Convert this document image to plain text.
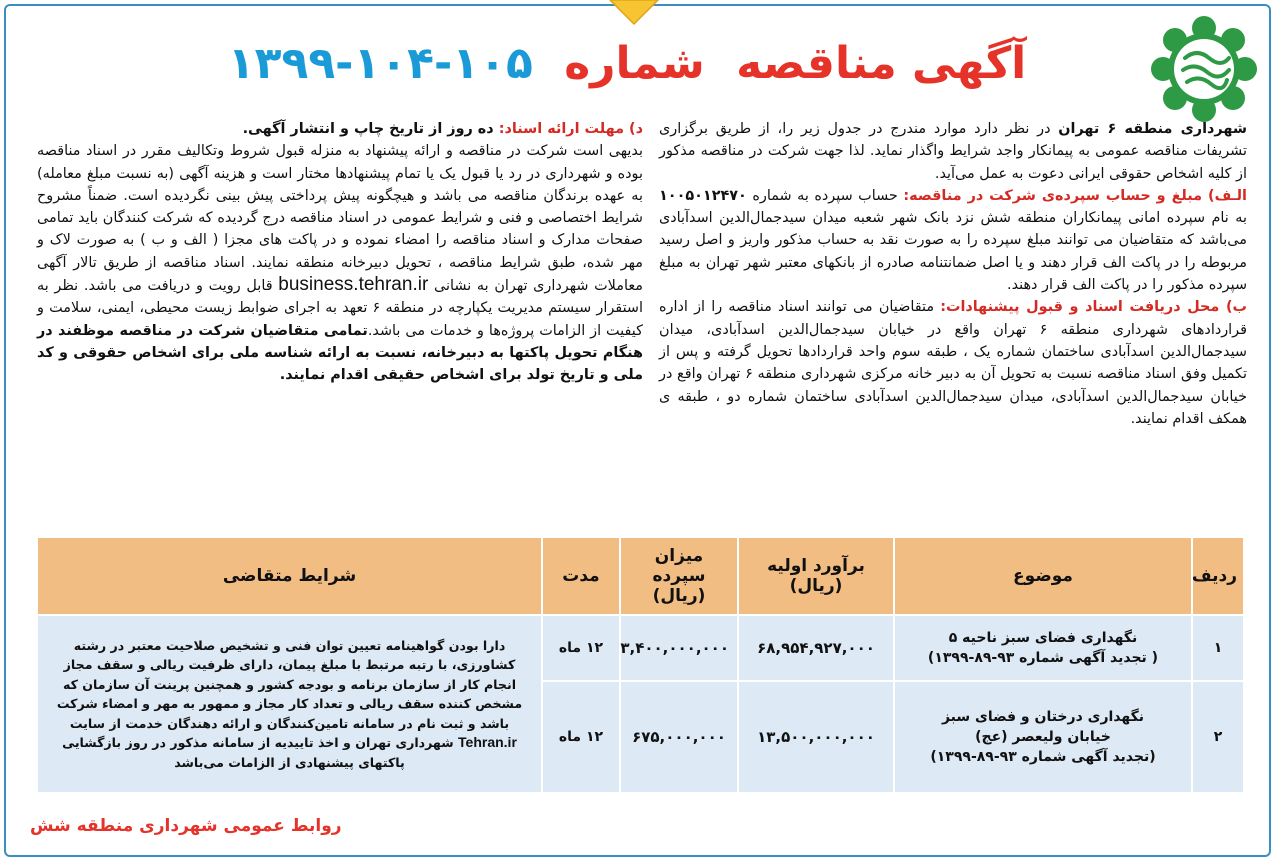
آگهی مناقصه شماره ۱۰۵-۱۰۴-۱۳۹۹

شهرداری منطقه ۶ تهران در نظر دارد موارد مندرج در جدول زیر را، از طریق برگزاری تشریفات مناقصه عمومی به پیمانکار واجد شرایط واگذار نماید. لذا جهت شرکت در مناقصه مذکور از کلیه اشخاص حقوقی ایرانی دعوت به عمل می‌آید.

الـف) مبلغ و حساب سپرده‌ی شرکت در مناقصه: حساب سپرده به شماره ۱۰۰۵۰۱۲۴۷۰ به نام سپرده امانی پیمانکاران منطقه شش نزد بانک شهر شعبه میدان سیدجمال‌الدین اسدآبادی می‌باشد که متقاضیان می توانند مبلغ سپرده را به صورت نقد به حساب مذکور واریز و اصل رسید مربوطه را در پاکت الف قرار دهند و یا اصل ضمانتنامه صادره از بانکهای معتبر شهر تهران به مبلغ سپرده مذکور را در پاکت الف قرار دهند.

ب) محل دریافت اسناد و قبول پیشنهادات: متقاضیان می توانند اسناد مناقصه را از اداره قراردادهای شهرداری منطقه ۶ تهران واقع در خیابان سیدجمال‌الدین اسدآبادی، میدان سیدجمال‌الدین اسدآبادی ساختمان شماره یک ، طبقه سوم واحد قراردادها تحویل گرفته و پس از تکمیل وفق اسناد مناقصه نسبت به تحویل آن به دبیر خانه مرکزی شهرداری منطقه ۶ تهران واقع در خیابان سیدجمال‌الدین اسدآبادی، میدان سیدجمال‌الدین اسدآبادی ساختمان شماره دو ، طبقه ی همکف اقدام نمایند.

د) مهلت ارائه اسناد: ده روز از تاریخ چاپ و انتشار آگهی.

بدیهی است شرکت در مناقصه و ارائه پیشنهاد به منزله قبول شروط وتکالیف مقرر در اسناد مناقصه بوده و شهرداری در رد یا قبول یک یا تمام پیشنهادها مختار است و هزینه آگهی (به نسبت مبلغ معامله) به عهده برندگان مناقصه می باشد و هیچگونه پیش پرداختی پیش بینی نگردیده است. ضمناً مشروح شرایط اختصاصی و فنی و شرایط عمومی در اسناد مناقصه درج گردیده که شرکت کنندگان باید تمامی صفحات مدارک و اسناد مناقصه را امضاء نموده و در پاکت های مجزا ( الف و ب ) به صورت لاک و مهر شده، طبق شرایط مناقصه ، تحویل دبیرخانه منطقه نمایند. اسناد مناقصه از طریق تالار آگهی معاملات شهرداری تهران به نشانی business.tehran.ir قابل رویت و دریافت می باشد. نظر به استقرار سیستم مدیریت یکپارچه در منطقه ۶ تعهد به اجرای ضوابط زیست محیطی، ایمنی، سلامت و کیفیت از الزامات پروژه‌ها و خدمات می باشد.تمامی متقاضیان شرکت در مناقصه موظفند در هنگام تحویل پاکتها به دبیرخانه، نسبت به ارائه شناسه ملی برای اشخاص حقوقی و کد ملی و تاریخ تولد برای اشخاص حقیقی اقدام نمایند.

ردیف	موضوع	برآورد اولیه (ریال)	میزان سپرده (ریال)	مدت	شرایط متقاضی
۱	نگهداری فضای سبز ناحیه ۵
( تجدید آگهی شماره ۹۳-۸۹-۱۳۹۹)	۶۸,۹۵۴,۹۲۷,۰۰۰	۳,۴۰۰,۰۰۰,۰۰۰	۱۲ ماه	دارا بودن گواهینامه تعیین توان فنی و تشخیص صلاحیت معتبر در رشته کشاورزی، با رتبه مرتبط با مبلغ پیمان، دارای ظرفیت ریالی و سقف مجاز انجام کار از سازمان برنامه و بودجه کشور و همچنین پرینت آن سازمان که مشخص کننده سقف ریالی و تعداد کار مجاز و ممهور به مهر و امضاء شرکت باشد و ثبت نام در سامانه تامین‌کنندگان و ارائه دهندگان خدمت از سایت Tehran.ir شهرداری تهران و اخذ تاییدیه از سامانه مذکور در روز بازگشایی پاکتهای پیشنهادی از الزامات می‌باشد
۲	نگهداری درختان و فضای سبز
خیابان ولیعصر (عج)
(تجدید آگهی شماره ۹۳-۸۹-۱۳۹۹)	۱۳,۵۰۰,۰۰۰,۰۰۰	۶۷۵,۰۰۰,۰۰۰	۱۲ ماه	
روابط عمومی شهرداری منطقه شش
